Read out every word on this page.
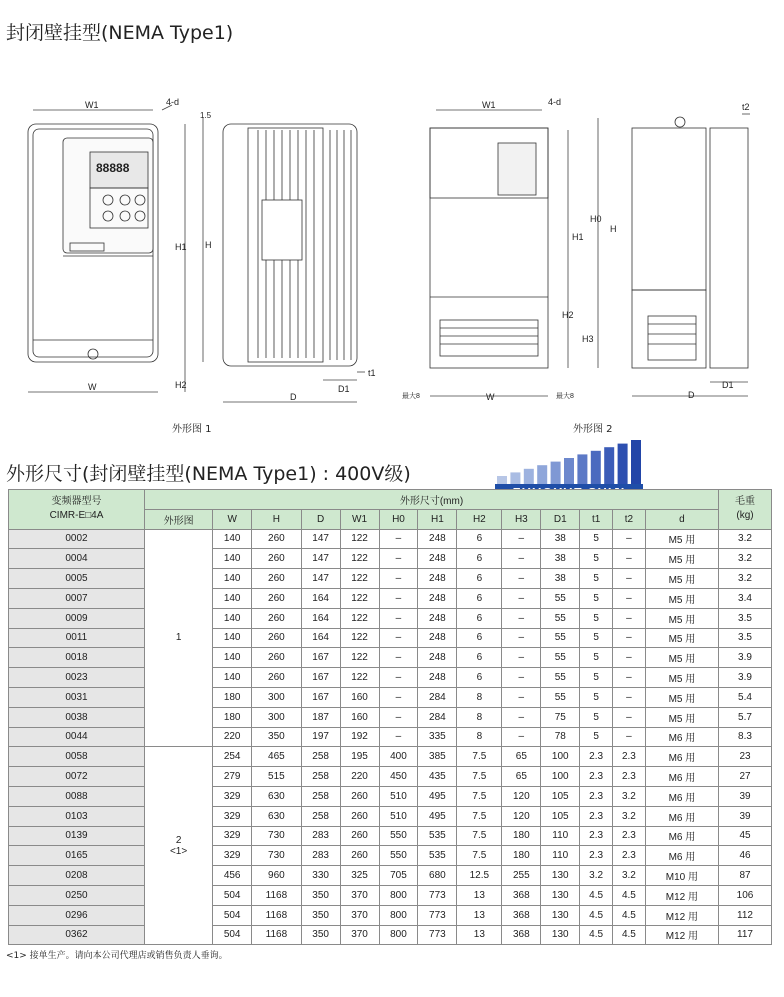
封闭壁挂型(NEMA Type1)
88888
W1
W
4-d
1.5
H1 H
H2
D
D1
t1
W1	4-d
W
最大8	最大8
H1
H0
H
H2
H3
D
D1
t2
外形图 1	外形图 2
外形尺寸(封闭壁挂型(NEMA Type1) : 400V级)
变频器型号
CIMR-E□4A	外形尺寸(mm)													毛重
(kg)
	外形图	W	H	D	W1	H0	H1	H2	H3	D1	t1	t2	d	
0002	1	140	260	147	122	–	248	6	–	38	5	–	M5 用	3.2
0004		140	260	147	122	–	248	6	–	38	5	–	M5 用	3.2
0005		140	260	147	122	–	248	6	–	38	5	–	M5 用	3.2
0007		140	260	164	122	–	248	6	–	55	5	–	M5 用	3.4
0009		140	260	164	122	–	248	6	–	55	5	–	M5 用	3.5
0011		140	260	164	122	–	248	6	–	55	5	–	M5 用	3.5
0018		140	260	167	122	–	248	6	–	55	5	–	M5 用	3.9
0023		140	260	167	122	–	248	6	–	55	5	–	M5 用	3.9
0031		180	300	167	160	–	284	8	–	55	5	–	M5 用	5.4
0038		180	300	187	160	–	284	8	–	75	5	–	M5 用	5.7
0044		220	350	197	192	–	335	8	–	78	5	–	M6 用	8.3
0058	2
<1>	254	465	258	195	400	385	7.5	65	100	2.3	2.3	M6 用	23
0072		279	515	258	220	450	435	7.5	65	100	2.3	2.3	M6 用	27
0088		329	630	258	260	510	495	7.5	120	105	2.3	3.2	M6 用	39
0103		329	630	258	260	510	495	7.5	120	105	2.3	3.2	M6 用	39
0139		329	730	283	260	550	535	7.5	180	110	2.3	2.3	M6 用	45
0165		329	730	283	260	550	535	7.5	180	110	2.3	2.3	M6 用	46
0208		456	960	330	325	705	680	12.5	255	130	3.2	3.2	M10 用	87
0250		504	1168	350	370	800	773	13	368	130	4.5	4.5	M12 用	106
0296		504	1168	350	370	800	773	13	368	130	4.5	4.5	M12 用	112
0362		504	1168	350	370	800	773	13	368	130	4.5	4.5	M12 用	117
<1> 接单生产。请向本公司代理店或销售负责人垂询。
